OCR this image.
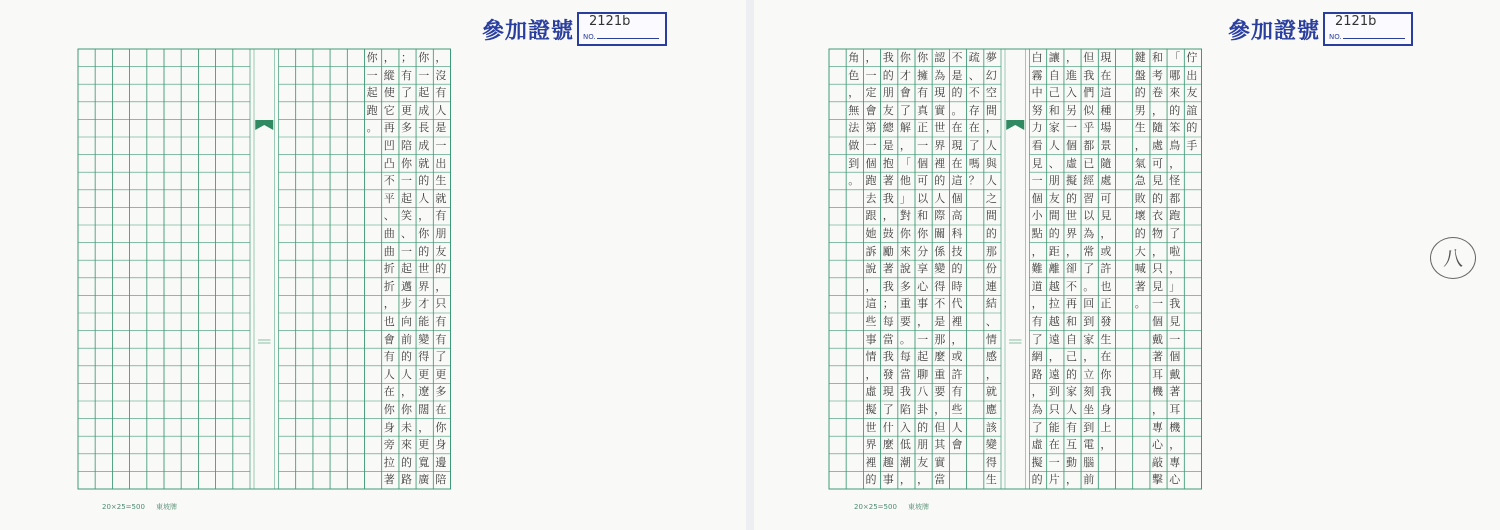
參加證號 2121b
NO.
，
沒
有
人
是
一
出
生
就
有
朋
友
的
，
只
有
有
了
更
多
在
你
身
邊
陪
你
一
起
成
長
成
就
的
人
，
你
的
世
界
才
能
變
得
更
遼
闊
，
更
寬
廣
；
有
了
更
多
陪
你
一
起
笑
、
一
起
邁
步
向
前
的
人
，
你
未
來
的
路
，
縱
使
它
再
凹
凸
不
平
、
曲
曲
折
折
，
也
會
有
人
在
你
身
旁
拉
著
你
一
起
跑
。
20×25=500 東坡牌
參加證號 2121b
NO.
佇
出
友
誼
的
手
「
哪
來
的
笨
鳥
，
怪
都
跑
了
啦
，
」
我
見
一
個
戴
著
耳
機
，
專
心
和
考
卷
，
隨
處
可
見
的
衣
物
，
只
見
一
個
戴
著
耳
機
，
專
心
敲
擊
鍵
盤
的
男
生
，
氣
急
敗
壞
的
大
喊
著
。
現
在
這
種
場
景
隨
處
可
見
，
或
許
也
正
發
生
在
你
我
身
上
，
但
我
們
似
乎
都
已
經
習
以
為
常
了
。
回
到
家
，
立
刻
坐
到
電
腦
前
，
進
入
另
一
個
虛
擬
的
世
界
，
卻
不
再
和
自
己
的
家
人
有
互
動
，
讓
自
己
和
家
人
、
朋
友
間
的
距
離
越
拉
越
遠
，
遠
到
只
能
在
一
片
白
霧
中
努
力
看
見
一
個
小
點
，
難
道
，
有
了
網
路
，
為
了
虛
擬
的
夢
幻
空
間
，
人
與
人
之
間
的
那
份
連
結
、
情
感
，
就
應
該
變
得
生
疏
、
不
存
在
了
嗎
？
不
是
的
。
在
現
在
這
個
高
科
技
的
時
代
裡
，
或
許
有
些
人
會
認
為
現
實
世
界
裡
的
人
際
關
係
變
得
不
是
那
麼
重
要
，
但
其
實
當
你
擁
有
真
正
一
個
可
以
和
你
分
享
心
事
，
一
起
聊
八
卦
的
朋
友
，
你
才
會
了
解
，
「
他
」
對
你
來
說
多
重
要
。
每
當
我
陷
入
低
潮
，
我
的
朋
友
總
是
抱
著
我
，
鼓
勵
著
我
；
每
當
我
發
現
了
什
麼
趣
事
，
一
定
會
第
一
個
跑
去
跟
她
訴
說
，
這
些
事
情
，
虛
擬
世
界
裡
的
角
色
，
無
法
做
到
。
20×25=500 東坡牌
八
